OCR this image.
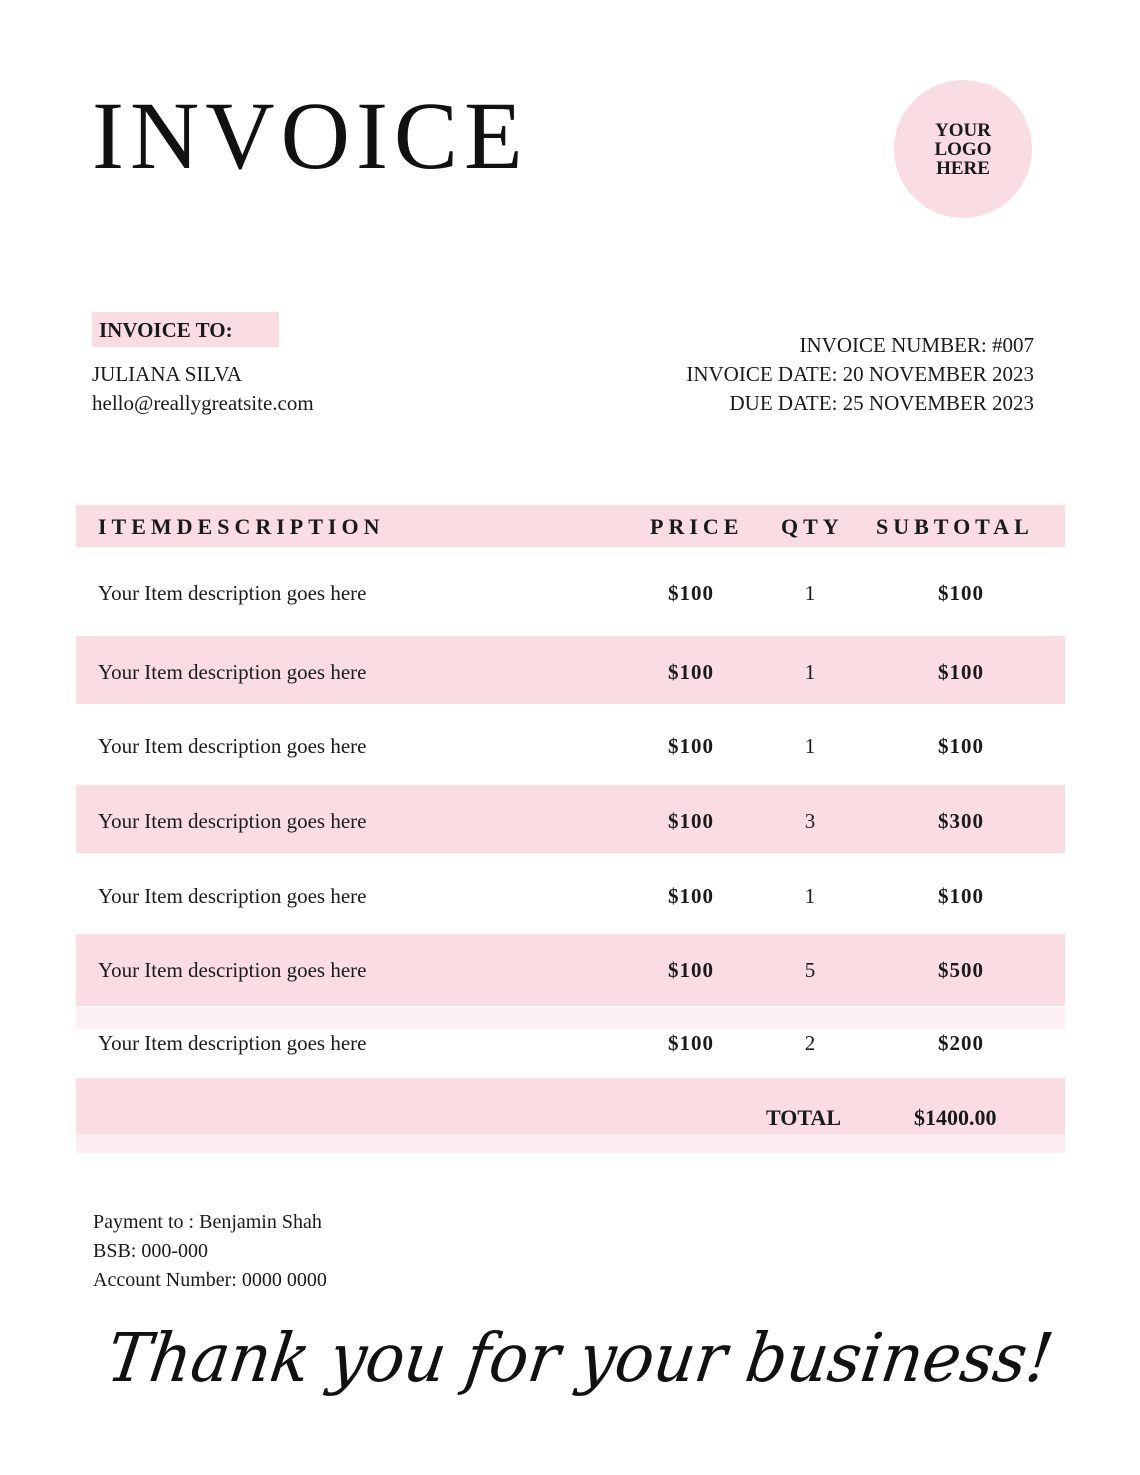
INVOICE	YOUR
LOGO
HERE
INVOICE TO:
JULIANA SILVA
hello@reallygreatsite.com
INVOICE NUMBER: #007
INVOICE DATE: 20 NOVEMBER 2023
DUE DATE: 25 NOVEMBER 2023
ITEMDESCRIPTION	PRICE QTY SUBTOTAL
Your Item description goes here	$100	1	$100
Your Item description goes here	$100	1	$100
Your Item description goes here	$100	1	$100
Your Item description goes here	$100	3	$300
Your Item description goes here	$100	1	$100
Your Item description goes here	$100	5	$500
Your Item description goes here	$100	2	$200
TOTAL	$1400.00
Payment to : Benjamin Shah
BSB: 000-000
Account Number: 0000 0000
Thank you for your business!
